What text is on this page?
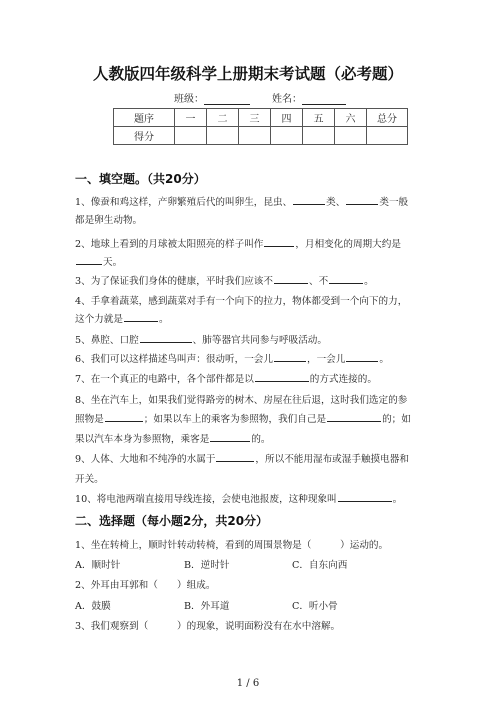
人教版四年级科学上册期末考试题（必考题）
班级：	姓名：
题序	一	二	三	四	五	六	总分
得分							
一、填空题。（共20分）
1、像蚕和鸡这样，产卵繁殖后代的叫卵生，昆虫、	类、	类一般
都是卵生动物。
2、地球上看到的月球被太阳照亮的样子叫作	，月相变化的周期大约是
天。
3、为了保证我们身体的健康，平时我们应该不	、不	。
4、手拿着蔬菜，感到蔬菜对手有一个向下的拉力，物体都受到一个向下的力，
这个力就是	。
5、鼻腔、口腔	、肺等器官共同参与呼吸活动。
6、我们可以这样描述鸟叫声：很动听，一会儿	，一会儿	。
7、在一个真正的电路中，各个部件都是以	的方式连接的。
8、坐在汽车上，如果我们觉得路旁的树木、房屋在往后退，这时我们选定的参
照物是	；如果以车上的乘客为参照物，我们自己是	的；如
果以汽车本身为参照物，乘客是	的。
9、人体、大地和不纯净的水属于	，所以不能用湿布或湿手触摸电器和
开关。
10、将电池两端直接用导线连接，会使电池报废，这种现象叫	。
二、选择题（每小题2分，共20分）
1、坐在转椅上，顺时针转动转椅，看到的周围景物是（　　　）运动的。
A．顺时针	B．逆时针	C．自东向西
2、外耳由耳郭和（　　）组成。
A．鼓膜	B．外耳道	C．听小骨
3、我们观察到（　　　）的现象，说明面粉没有在水中溶解。
1 / 6
